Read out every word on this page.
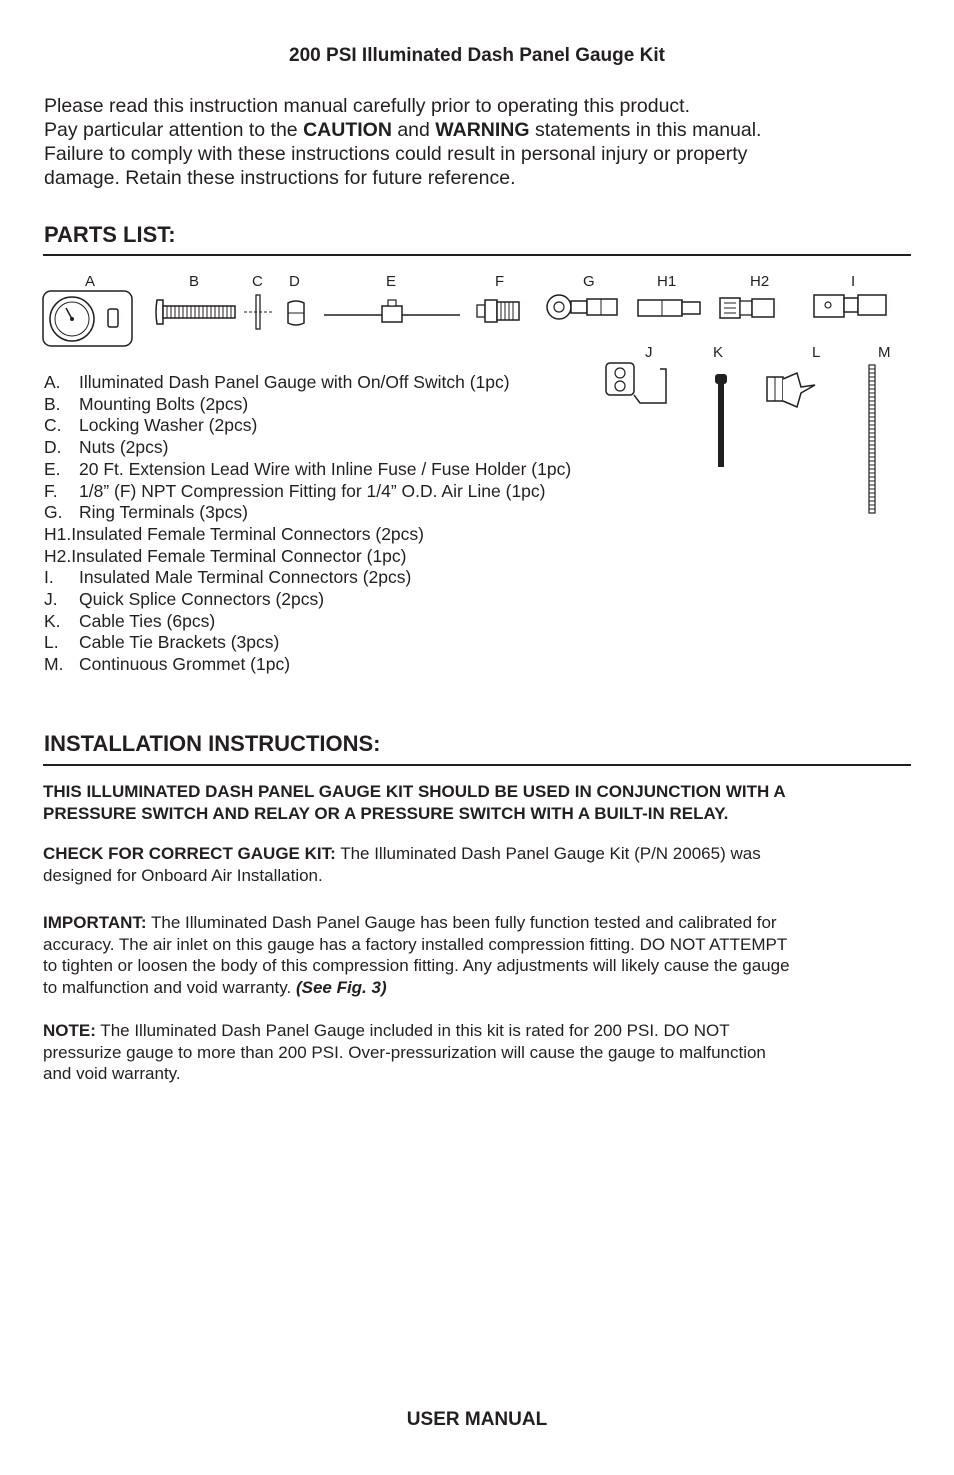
200 PSI Illuminated Dash Panel Gauge Kit

Please read this instruction manual carefully prior to operating this product.

Pay particular attention to the CAUTION and WARNING statements in this manual.

Failure to comply with these instructions could result in personal injury or property

damage. Retain these instructions for future reference.

PARTS LIST:
A	B	C D	E	F	G	H1	H2	I
J	K	L	M
A. Illuminated Dash Panel Gauge with On/Off Switch (1pc)
B. Mounting Bolts (2pcs)
C. Locking Washer (2pcs)
D. Nuts (2pcs)
E. 20 Ft. Extension Lead Wire with Inline Fuse / Fuse Holder (1pc)
F. 1/8” (F) NPT Compression Fitting for 1/4” O.D. Air Line (1pc)
G. Ring Terminals (3pcs)
H1.Insulated Female Terminal Connectors (2pcs)
H2.Insulated Female Terminal Connector (1pc)
I. Insulated Male Terminal Connectors (2pcs)
J. Quick Splice Connectors (2pcs)
K. Cable Ties (6pcs)
L. Cable Tie Brackets (3pcs)
M. Continuous Grommet (1pc)
INSTALLATION INSTRUCTIONS:

THIS ILLUMINATED DASH PANEL GAUGE KIT SHOULD BE USED IN CONJUNCTION WITH A

PRESSURE SWITCH AND RELAY OR A PRESSURE SWITCH WITH A BUILT-IN RELAY.

CHECK FOR CORRECT GAUGE KIT: The Illuminated Dash Panel Gauge Kit (P/N 20065) was

designed for Onboard Air Installation.

IMPORTANT: The Illuminated Dash Panel Gauge has been fully function tested and calibrated for

accuracy. The air inlet on this gauge has a factory installed compression fitting. DO NOT ATTEMPT

to tighten or loosen the body of this compression fitting. Any adjustments will likely cause the gauge

to malfunction and void warranty. (See Fig. 3)

NOTE: The Illuminated Dash Panel Gauge included in this kit is rated for 200 PSI. DO NOT

pressurize gauge to more than 200 PSI. Over-pressurization will cause the gauge to malfunction

and void warranty.

USER MANUAL
